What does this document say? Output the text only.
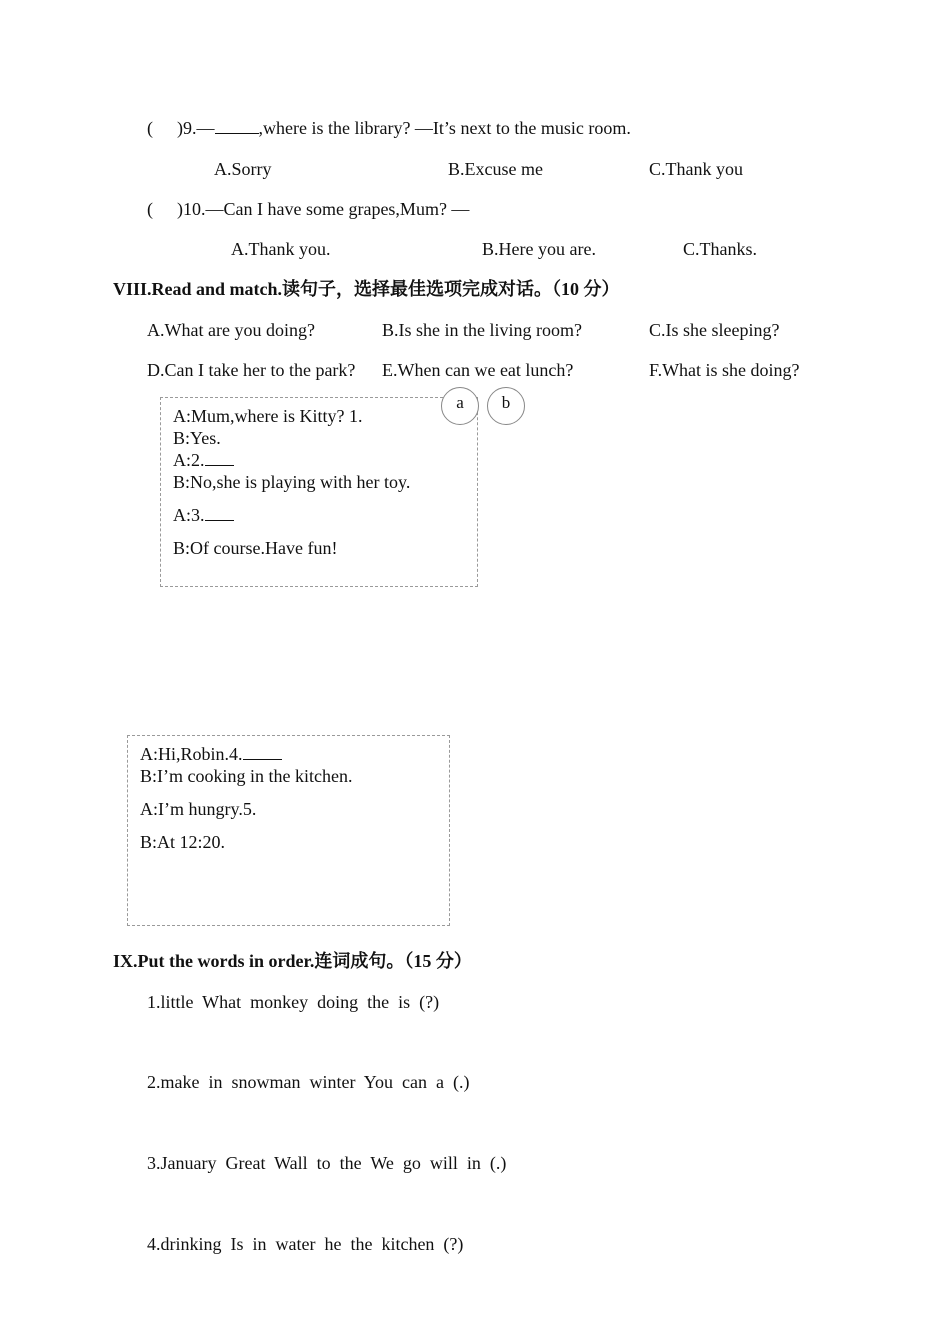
( )9.— ,where is the library? —It’s next to the music room.
A.Sorry	B.Excuse me	C.Thank you
( )10.—Can I have some grapes,Mum? —
A.Thank you.	B.Here you are.	C.Thanks.
VIII.Read and match.读句子，选择最佳选项完成对话。（10 分）
A.What are you doing?	B.Is she in the living room?	C.Is she sleeping?
D.Can I take her to the park? E.When can we eat lunch?	F.What is she doing?
A:Mum,where is Kitty? 1.
B:Yes.
A:2.
B:No,she is playing with her toy.
A:3.
B:Of course.Have fun!
a	b
A:Hi,Robin.4.
B:I’m cooking in the kitchen.
A:I’m hungry.5.
B:At 12:20.
IX.Put the words in order.连词成句。（15 分）
1.little  What  monkey  doing  the  is  (?)
2.make  in  snowman  winter  You  can  a  (.)
3.January  Great  Wall  to  the  We  go  will  in  (.)
4.drinking  Is  in  water  he  the  kitchen  (?)
